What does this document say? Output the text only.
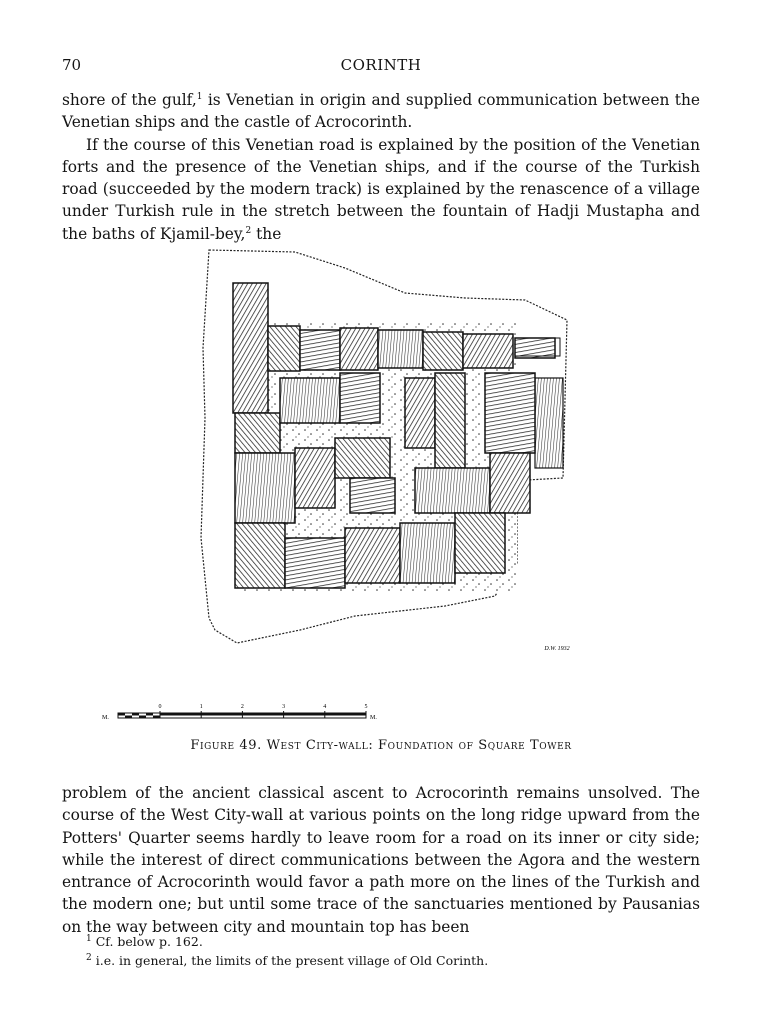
70	CORINTH

shore of the gulf,$^1$ is Venetian in origin and supplied communication between the Venetian ships and the castle of Acrocorinth.

If the course of this Venetian road is explained by the position of the Venetian forts and the presence of the Venetian ships, and if the course of the Turkish road (succeeded by the modern track) is explained by the renascence of a village under Turkish rule in the stretch between the fountain of Hadji Mustapha and the baths of Kjamil-bey,$^2$ the

D.W. 1932
M.
0	1	2	3	4	5
M.
Figure 49. West City-wall: Foundation of Square Tower

problem of the ancient classical ascent to Acrocorinth remains unsolved. The course of the West City-wall at various points on the long ridge upward from the Potters' Quarter seems hardly to leave room for a road on its inner or city side; while the interest of direct communications between the Agora and the western entrance of Acrocorinth would favor a path more on the lines of the Turkish and the modern one; but until some trace of the sanctuaries mentioned by Pausanias on the way between city and mountain top has been

$^1$ Cf. below p. 162.

$^2$ i.e. in general, the limits of the present village of Old Corinth.
